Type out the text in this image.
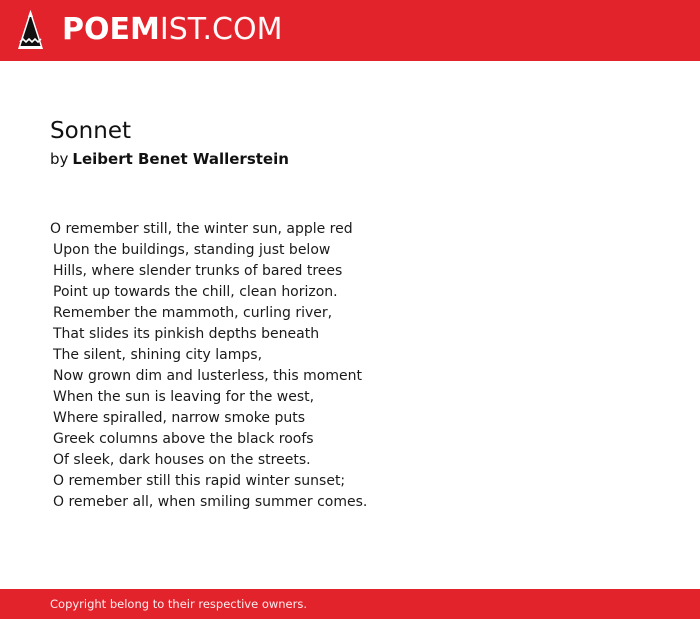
POEMIST.COM
Sonnet
by Leibert Benet Wallerstein
O remember still, the winter sun, apple red
Upon the buildings, standing just below
Hills, where slender trunks of bared trees
Point up towards the chill, clean horizon.
Remember the mammoth, curling river,
That slides its pinkish depths beneath
The silent, shining city lamps,
Now grown dim and lusterless, this moment
When the sun is leaving for the west,
Where spiralled, narrow smoke puts
Greek columns above the black roofs
Of sleek, dark houses on the streets.
O remember still this rapid winter sunset;
O remeber all, when smiling summer comes.
Copyright belong to their respective owners.
